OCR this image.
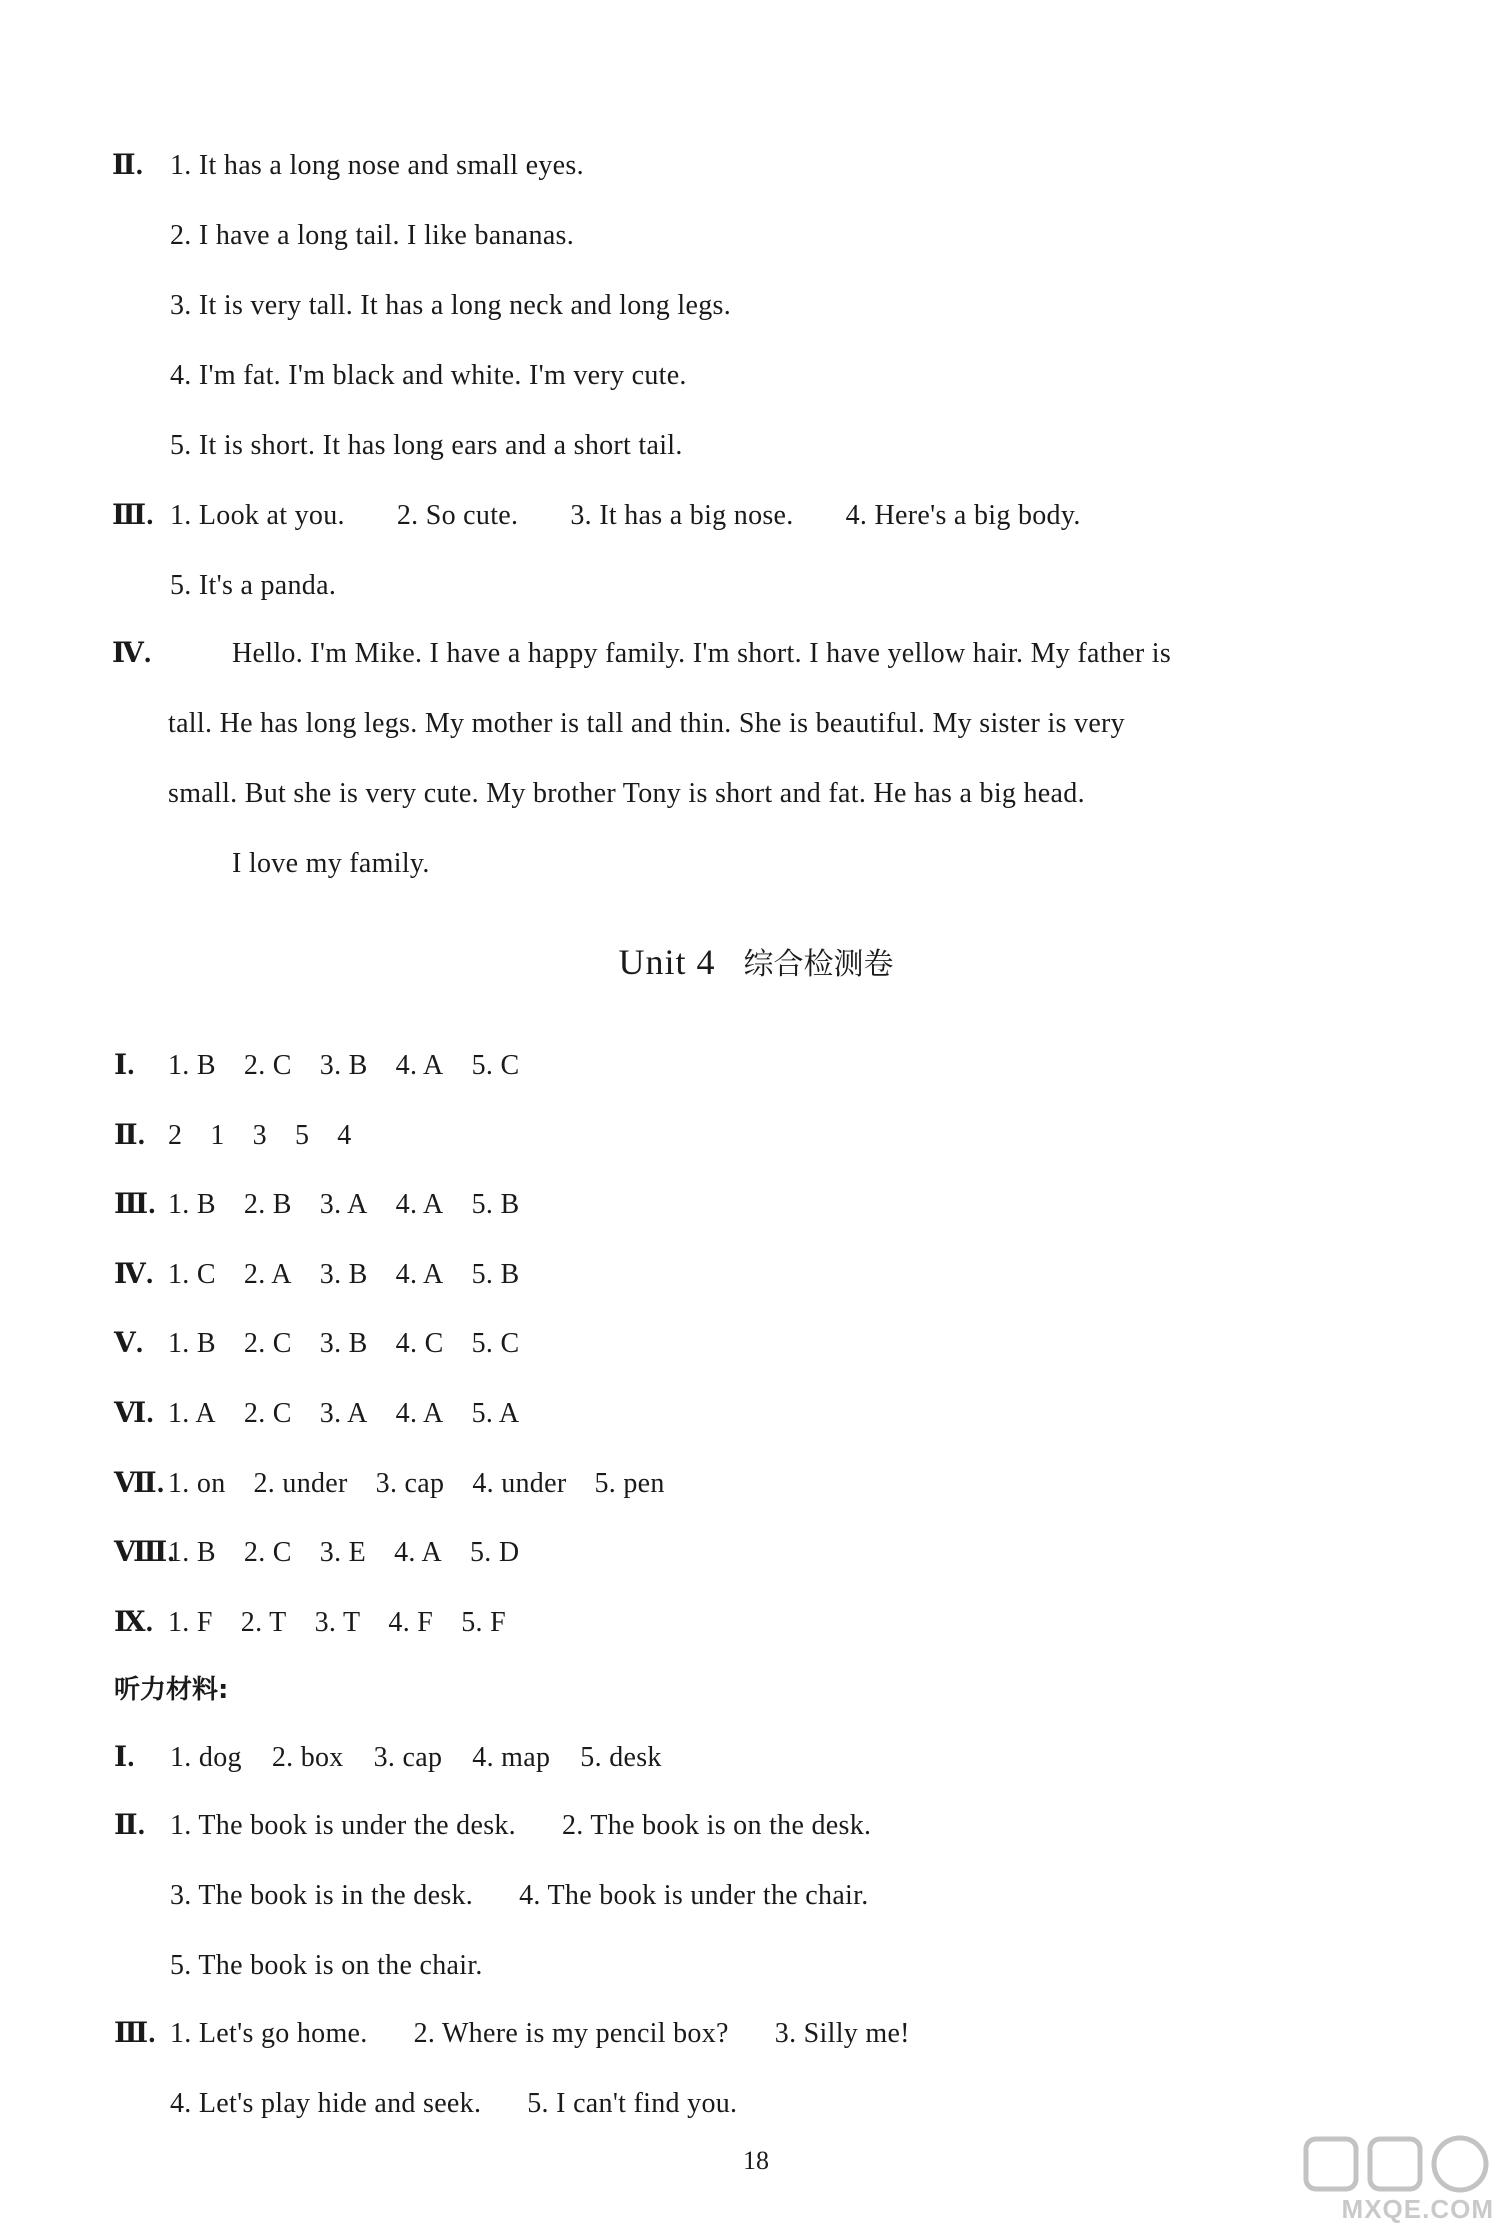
Ⅱ. 1. It has a long nose and small eyes.
2. I have a long tail. I like bananas.
3. It is very tall. It has a long neck and long legs.
4. I'm fat. I'm black and white. I'm very cute.
5. It is short. It has long ears and a short tail.
Ⅲ. 1. Look at you. 2. So cute. 3. It has a big nose. 4. Here's a big body.
5. It's a panda.
Ⅳ.	Hello. I'm Mike. I have a happy family. I'm short. I have yellow hair. My father is
tall. He has long legs. My mother is tall and thin. She is beautiful. My sister is very
small. But she is very cute. My brother Tony is short and fat. He has a big head.
I love my family.
Unit 4 综合检测卷
Ⅰ. 1. B 2. C 3. B 4. A 5. C
Ⅱ. 2 1 3 5 4
Ⅲ. 1. B 2. B 3. A 4. A 5. B
Ⅳ. 1. C 2. A 3. B 4. A 5. B
Ⅴ. 1. B 2. C 3. B 4. C 5. C
Ⅵ. 1. A 2. C 3. A 4. A 5. A
Ⅶ. 1. on 2. under 3. cap 4. under 5. pen
Ⅷ.1. B 2. C 3. E 4. A 5. D
Ⅸ. 1. F 2. T 3. T 4. F 5. F
听力材料:
Ⅰ. 1. dog 2. box 3. cap 4. map 5. desk
Ⅱ. 1. The book is under the desk. 2. The book is on the desk.
3. The book is in the desk. 4. The book is under the chair.
5. The book is on the chair.
Ⅲ. 1. Let's go home. 2. Where is my pencil box? 3. Silly me!
4. Let's play hide and seek. 5. I can't find you.
18
MXQE.COM
